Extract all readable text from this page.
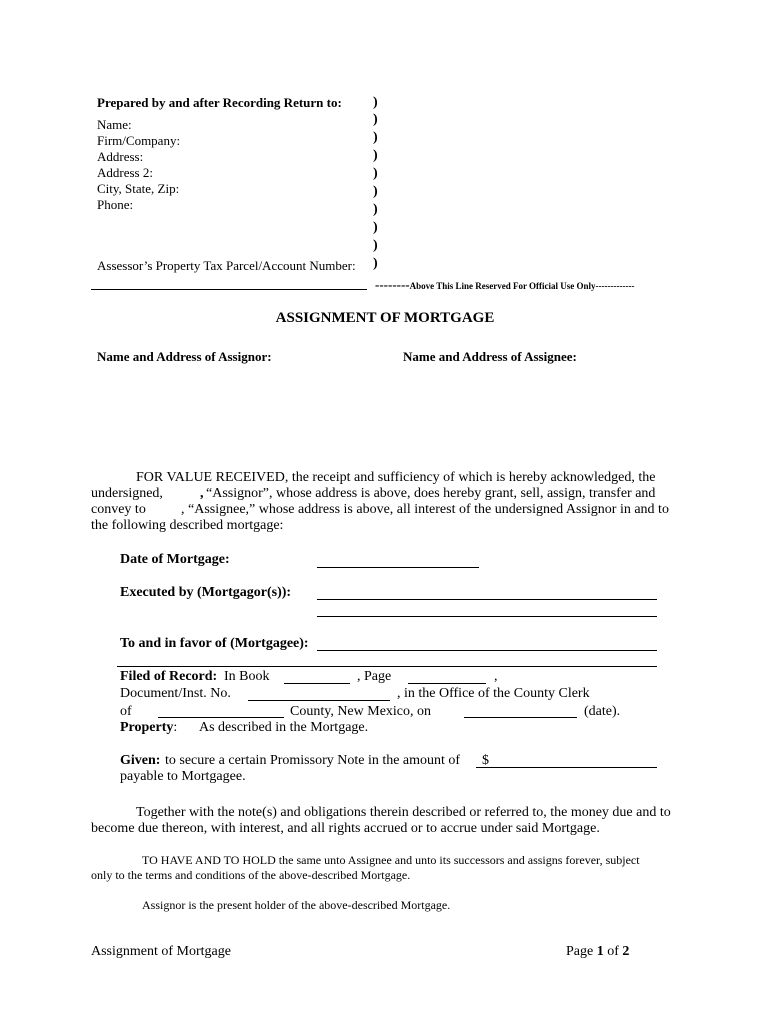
Prepared by and after Recording Return to:
Name:
Firm/Company:
Address:
Address 2:
City, State, Zip:
Phone:
Assessor’s Property Tax Parcel/Account Number:
)
)
)
)
)
)
)
)
)
)
--------Above This Line Reserved For Official Use Only-------------
ASSIGNMENT OF MORTGAGE
Name and Address of Assignor:	Name and Address of Assignee:
FOR VALUE RECEIVED, the receipt and sufficiency of which is hereby acknowledged, the
undersigned,	, “Assignor”, whose address is above, does hereby grant, sell, assign, transfer and
convey to	, “Assignee,” whose address is above, all interest of the undersigned Assignor in and to
the following described mortgage:
Date of Mortgage:
Executed by (Mortgagor(s)):
To and in favor of (Mortgagee):
Filed of Record: In Book	, Page	,
Document/Inst. No.	, in the Office of the County Clerk
of	County, New Mexico, on	(date).
Property: As described in the Mortgage.
Given: to secure a certain Promissory Note in the amount of $
payable to Mortgagee.
Together with the note(s) and obligations therein described or referred to, the money due and to
become due thereon, with interest, and all rights accrued or to accrue under said Mortgage.
TO HAVE AND TO HOLD the same unto Assignee and unto its successors and assigns forever, subject
only to the terms and conditions of the above-described Mortgage.
Assignor is the present holder of the above-described Mortgage.
Assignment of Mortgage	Page 1 of 2
